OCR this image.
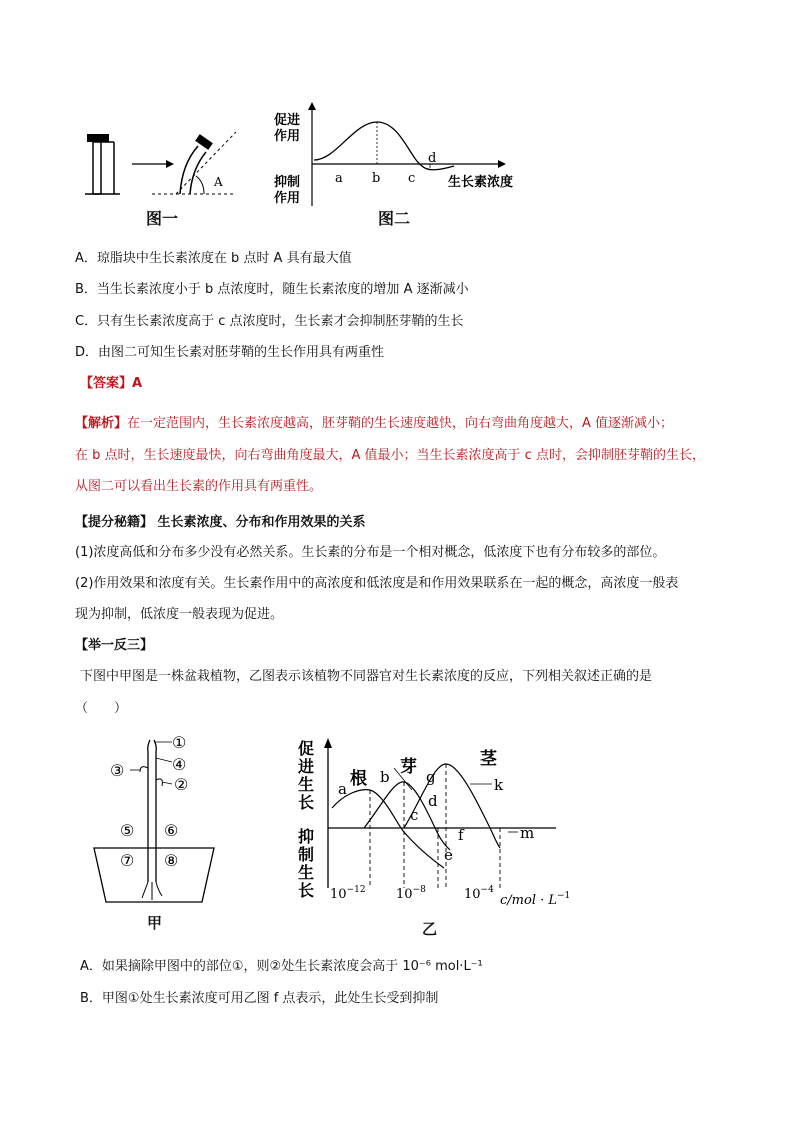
A
图一
促进
作用
抑制
作用
a b c
d
生长素浓度
图二
A．琼脂块中生长素浓度在 b 点时 A 具有最大值
B．当生长素浓度小于 b 点浓度时，随生长素浓度的增加 A 逐渐减小
C．只有生长素浓度高于 c 点浓度时，生长素才会抑制胚芽鞘的生长
D．由图二可知生长素对胚芽鞘的生长作用具有两重性
【答案】A
【解析】在一定范围内，生长素浓度越高，胚芽鞘的生长速度越快，向右弯曲角度越大，A 值逐渐减小；
在 b 点时，生长速度最快，向右弯曲角度最大，A 值最小；当生长素浓度高于 c 点时，会抑制胚芽鞘的生长，
从图二可以看出生长素的作用具有两重性。
【提分秘籍】 生长素浓度、分布和作用效果的关系
(1)浓度高低和分布多少没有必然关系。生长素的分布是一个相对概念，低浓度下也有分布较多的部位。
(2)作用效果和浓度有关。生长素作用中的高浓度和低浓度是和作用效果联系在一起的概念，高浓度一般表
现为抑制，低浓度一般表现为促进。
【举一反三】
下图中甲图是一株盆栽植物，乙图表示该植物不同器官对生长素浓度的反应，下列相关叙述正确的是
（　　）
①
②
③	④
⑤ ⑥
⑦ ⑧
甲
促
进
生
长
抑
制
生
长
根
芽	茎
a
b
c
d
e
f
g	k
m
$10^{-12}$ $10^{-8}$	$10^{-4}$
$c/mol \cdot L^{-1}$
乙
A．如果摘除甲图中的部位①，则②处生长素浓度会高于 10⁻⁶ mol·L⁻¹
B．甲图①处生长素浓度可用乙图 f 点表示，此处生长受到抑制
